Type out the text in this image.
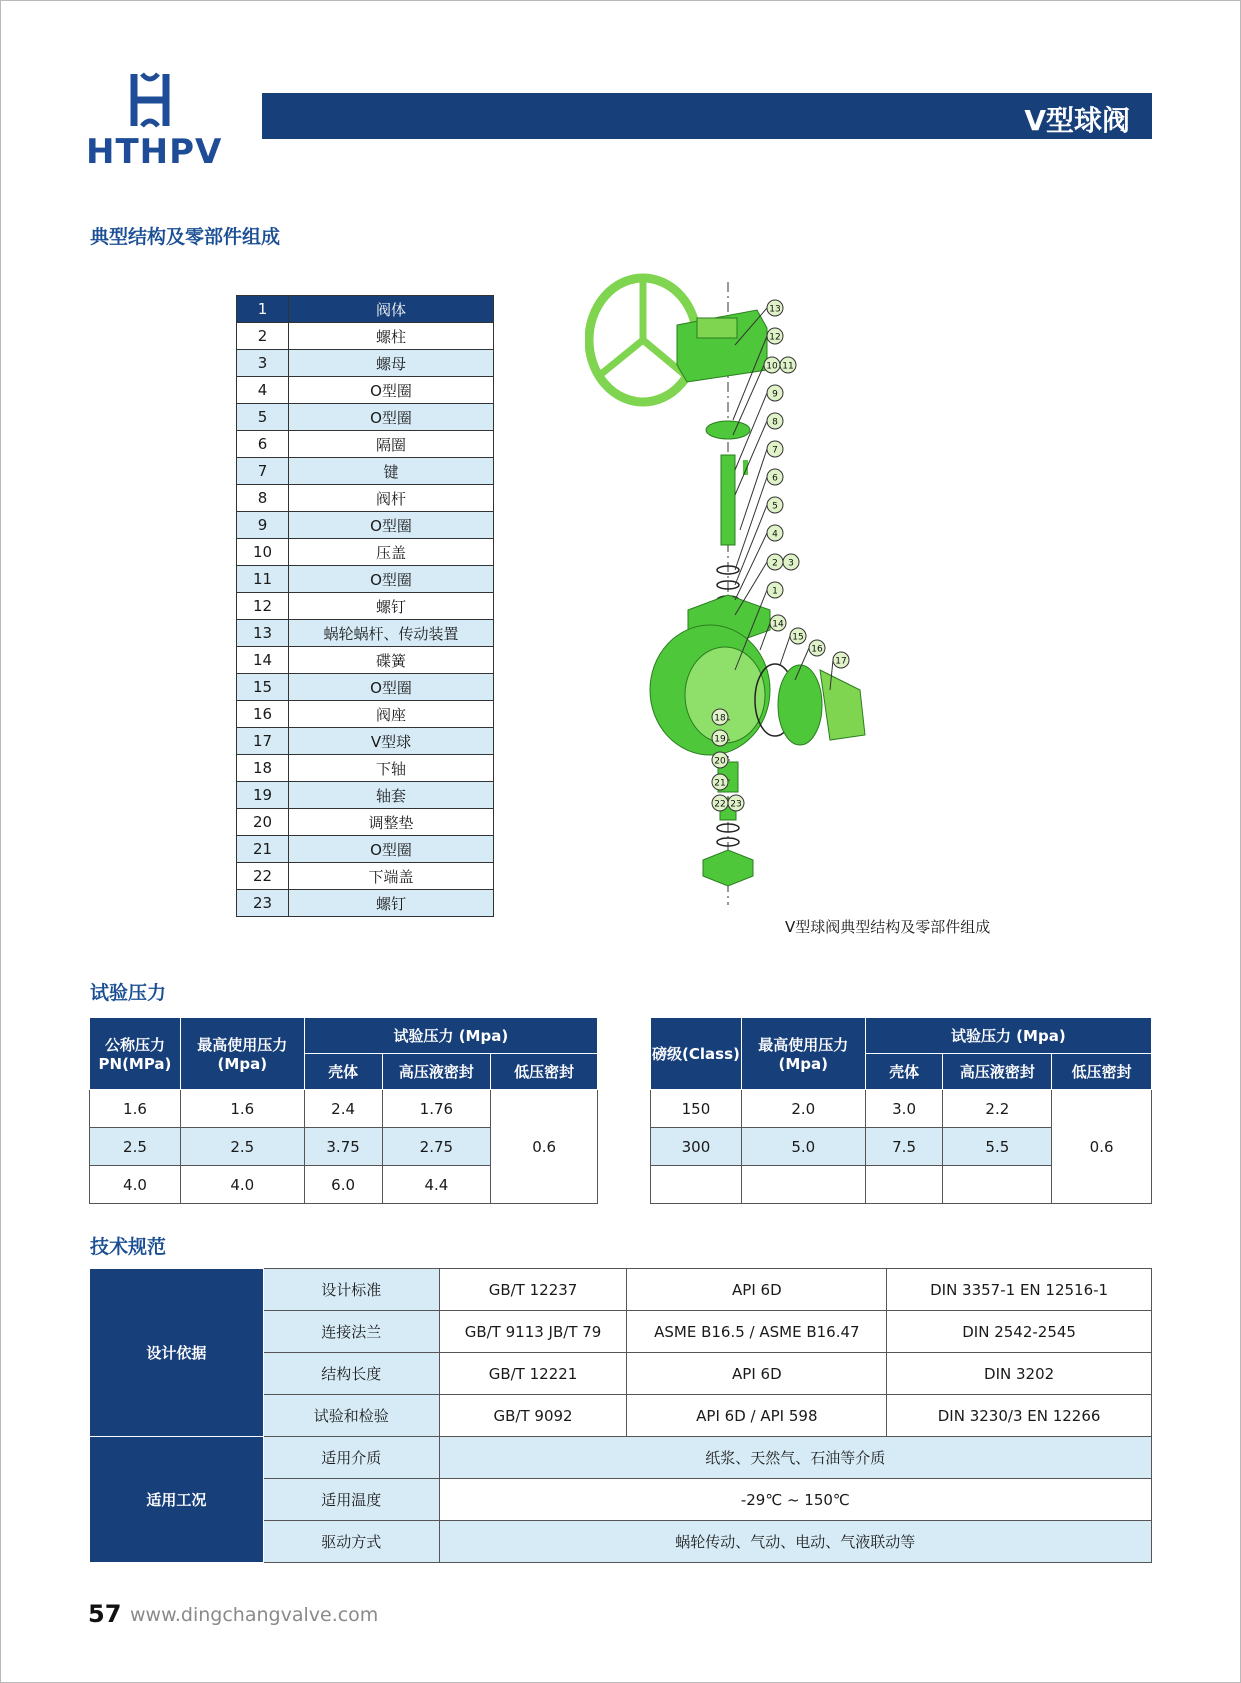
HTHPV
V型球阀
典型结构及零部件组成
1	阀体
2	螺柱
3	螺母
4	O型圈
5	O型圈
6	隔圈
7	键
8	阀杆
9	O型圈
10	压盖
11	O型圈
12	螺钉
13	蜗轮蜗杆、传动装置
14	碟簧
15	O型圈
16	阀座
17	V型球
18	下轴
19	轴套
20	调整垫
21	O型圈
22	下端盖
23	螺钉
13
12
10 11
9
8
7
6
5
4
2 3
1
14
15
16
17
18
19
20
21
22 23
V型球阀典型结构及零部件组成
试验压力
公称压力PN(MPa)	最高使用压力(Mpa)	试验压力 (Mpa)		
		壳体	高压液密封	低压密封
1.6	1.6	2.4	1.76	0.6
2.5	2.5	3.75	2.75	
4.0	4.0	6.0	4.4	
磅级(Class)	最高使用压力(Mpa)	试验压力 (Mpa)		
		壳体	高压液密封	低压密封
150	2.0	3.0	2.2	0.6
300	5.0	7.5	5.5	

技术规范
设计依据	设计标准	GB/T 12237	API 6D	DIN 3357-1 EN 12516-1
	连接法兰	GB/T 9113 JB/T 79	ASME B16.5 / ASME B16.47	DIN 2542-2545
	结构长度	GB/T 12221	API 6D	DIN 3202
	试验和检验	GB/T 9092	API 6D / API 598	DIN 3230/3 EN 12266
适用工况	适用介质	纸浆、天然气、石油等介质		
	适用温度	-29℃ ~ 150℃		
	驱动方式	蜗轮传动、气动、电动、气液联动等		
57 www.dingchangvalve.com
